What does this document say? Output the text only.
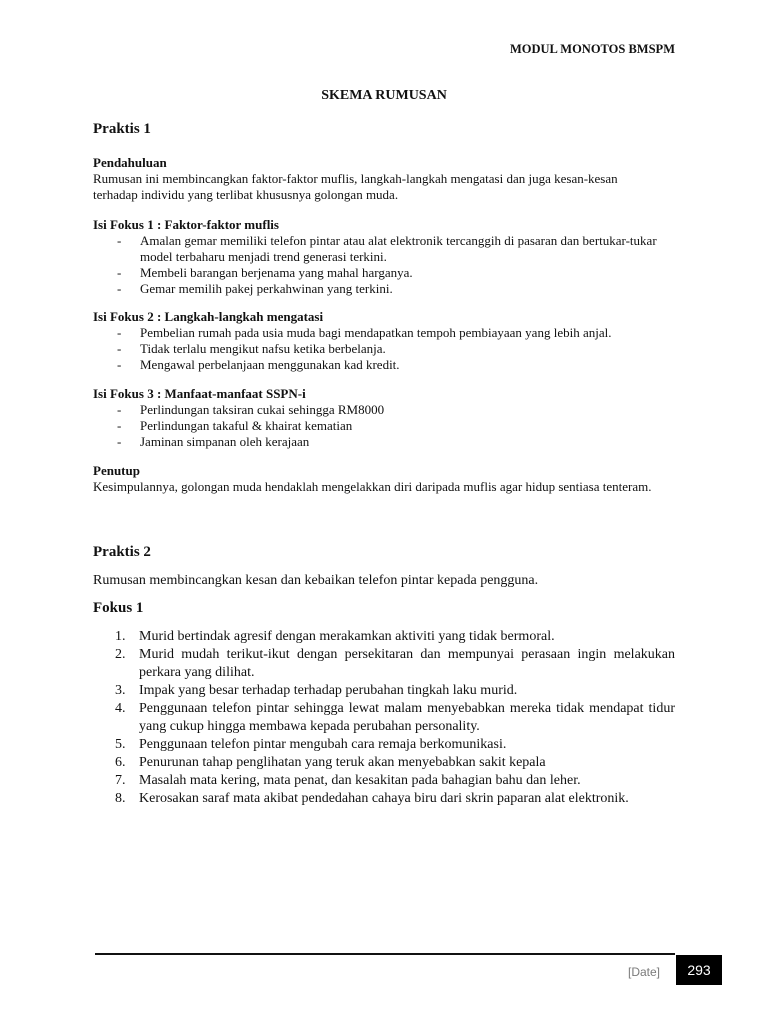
MODUL MONOTOS BMSPM
SKEMA RUMUSAN

Praktis 1

Pendahuluan

Rumusan ini membincangkan faktor-faktor muflis, langkah-langkah mengatasi dan juga kesan-kesan

terhadap individu yang terlibat khususnya golongan muda.

Isi Fokus 1 : Faktor-faktor muflis

- Amalan gemar memiliki telefon pintar atau alat elektronik tercanggih di pasaran dan bertukar-tukar model terbaharu menjadi trend generasi terkini.
- Membeli barangan berjenama yang mahal harganya.
- Gemar memilih pakej perkahwinan yang terkini.

Isi Fokus 2 : Langkah-langkah mengatasi

- Pembelian rumah pada usia muda bagi mendapatkan tempoh pembiayaan yang lebih anjal.
- Tidak terlalu mengikut nafsu ketika berbelanja.
- Mengawal perbelanjaan menggunakan kad kredit.

Isi Fokus 3 : Manfaat-manfaat SSPN-i

- Perlindungan taksiran cukai sehingga RM8000
- Perlindungan takaful & khairat kematian
- Jaminan simpanan oleh kerajaan

Penutup

Kesimpulannya, golongan muda hendaklah mengelakkan diri daripada muflis agar hidup sentiasa tenteram.

Praktis 2

Rumusan membincangkan kesan dan kebaikan telefon pintar kepada pengguna.

Fokus 1

1. Murid bertindak agresif dengan merakamkan aktiviti yang tidak bermoral.
2. Murid mudah terikut-ikut dengan persekitaran dan mempunyai perasaan ingin melakukan perkara yang dilihat.
3. Impak yang besar terhadap terhadap perubahan tingkah laku murid.
4. Penggunaan telefon pintar sehingga lewat malam menyebabkan mereka tidak mendapat tidur yang cukup hingga membawa kepada perubahan personality.
5. Penggunaan telefon pintar mengubah cara remaja berkomunikasi.
6. Penurunan tahap penglihatan yang teruk akan menyebabkan sakit kepala
7. Masalah mata kering, mata penat, dan kesakitan pada bahagian bahu dan leher.
8. Kerosakan saraf mata akibat pendedahan cahaya biru dari skrin paparan alat elektronik.
[Date]	293
